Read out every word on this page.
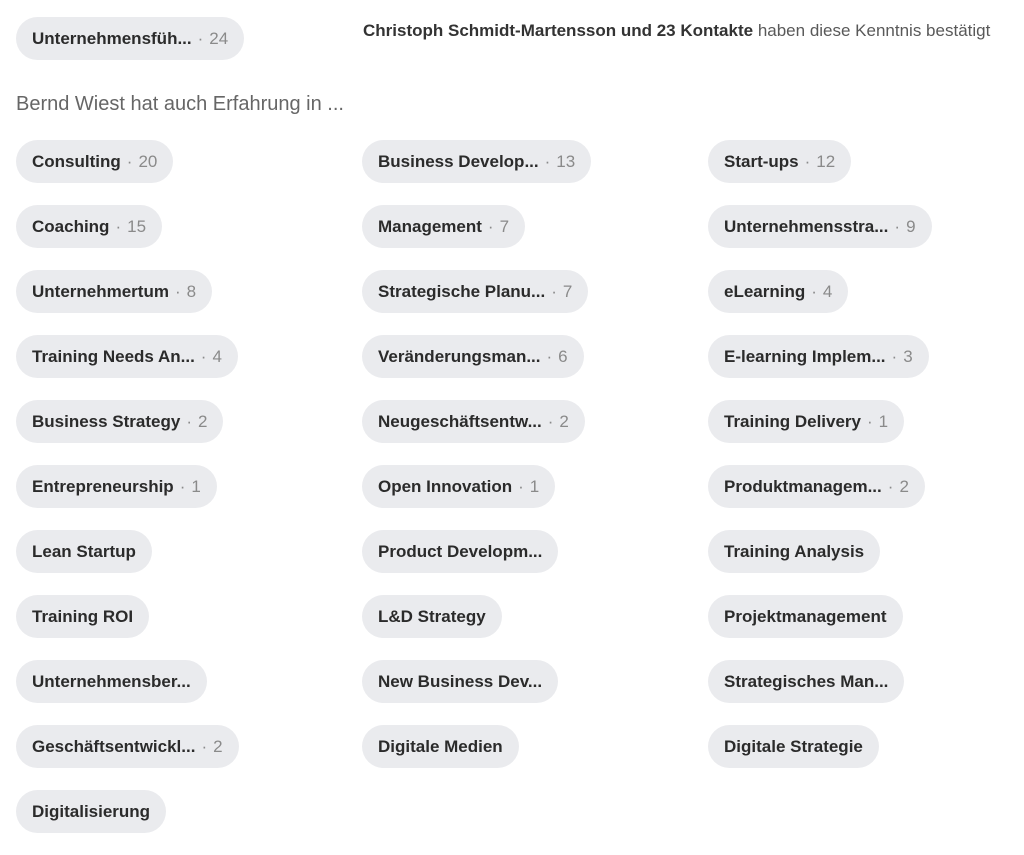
Unternehmensfüh...	· 24	Christoph Schmidt-Martensson und 23 Kontakte haben diese Kenntnis bestätigt
Bernd Wiest hat auch Erfahrung in ...
Consulting	· 20	Business Develop...	· 13	Start-ups	· 12
Coaching	· 15	Management	· 7	Unternehmensstra...	· 9
Unternehmertum	· 8	Strategische Planu...	· 7	eLearning	· 4
Training Needs An...	· 4	Veränderungsman...	· 6	E-learning Implem...	· 3
Business Strategy	· 2	Neugeschäftsentw...	· 2	Training Delivery	· 1
Entrepreneurship	· 1	Open Innovation	· 1	Produktmanagem...	· 2
Lean Startup	Product Developm...	Training Analysis
Training ROI	L&D Strategy	Projektmanagement
Unternehmensber...	New Business Dev...	Strategisches Man...
Geschäftsentwickl...	· 2	Digitale Medien	Digitale Strategie
Digitalisierung
